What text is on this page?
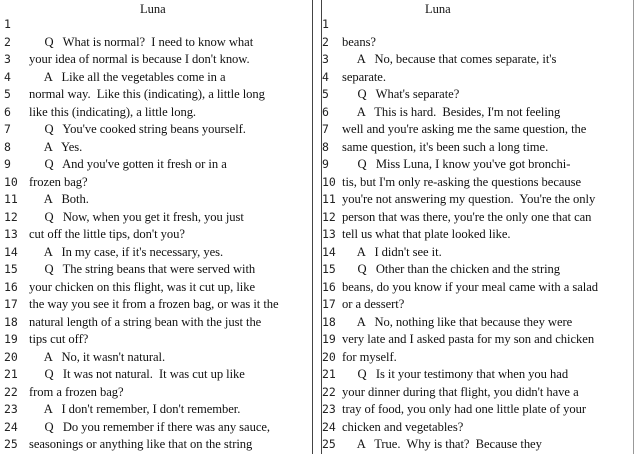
Luna
1
2	Q   What is normal?  I need to know what
3	your idea of normal is because I don't know.
4	A   Like all the vegetables come in a
5	normal way.  Like this (indicating), a little long
6	like this (indicating), a little long.
7	Q   You've cooked string beans yourself.
8	A   Yes.
9	Q   And you've gotten it fresh or in a
10 frozen bag?
11 A   Both.
12 Q   Now, when you get it fresh, you just
13 cut off the little tips, don't you?
14 A   In my case, if it's necessary, yes.
15 Q   The string beans that were served with
16 your chicken on this flight, was it cut up, like
17 the way you see it from a frozen bag, or was it the
18 natural length of a string bean with the just the
19 tips cut off?
20 A   No, it wasn't natural.
21 Q   It was not natural.  It was cut up like
22 from a frozen bag?
23 A   I don't remember, I don't remember.
24 Q   Do you remember if there was any sauce,
25 seasonings or anything like that on the string
Luna
1
2	beans?
3	A   No, because that comes separate, it's
4	separate.
5	Q   What's separate?
6	A   This is hard.  Besides, I'm not feeling
7	well and you're asking me the same question, the
8	same question, it's been such a long time.
9	Q   Miss Luna, I know you've got bronchi-
10 tis, but I'm only re-asking the questions because
11 you're not answering my question.  You're the only
12 person that was there, you're the only one that can
13 tell us what that plate looked like.
14 A   I didn't see it.
15 Q   Other than the chicken and the string
16 beans, do you know if your meal came with a salad
17 or a dessert?
18 A   No, nothing like that because they were
19 very late and I asked pasta for my son and chicken
20 for myself.
21 Q   Is it your testimony that when you had
22 your dinner during that flight, you didn't have a
23 tray of food, you only had one little plate of your
24 chicken and vegetables?
25 A   True.  Why is that?  Because they
